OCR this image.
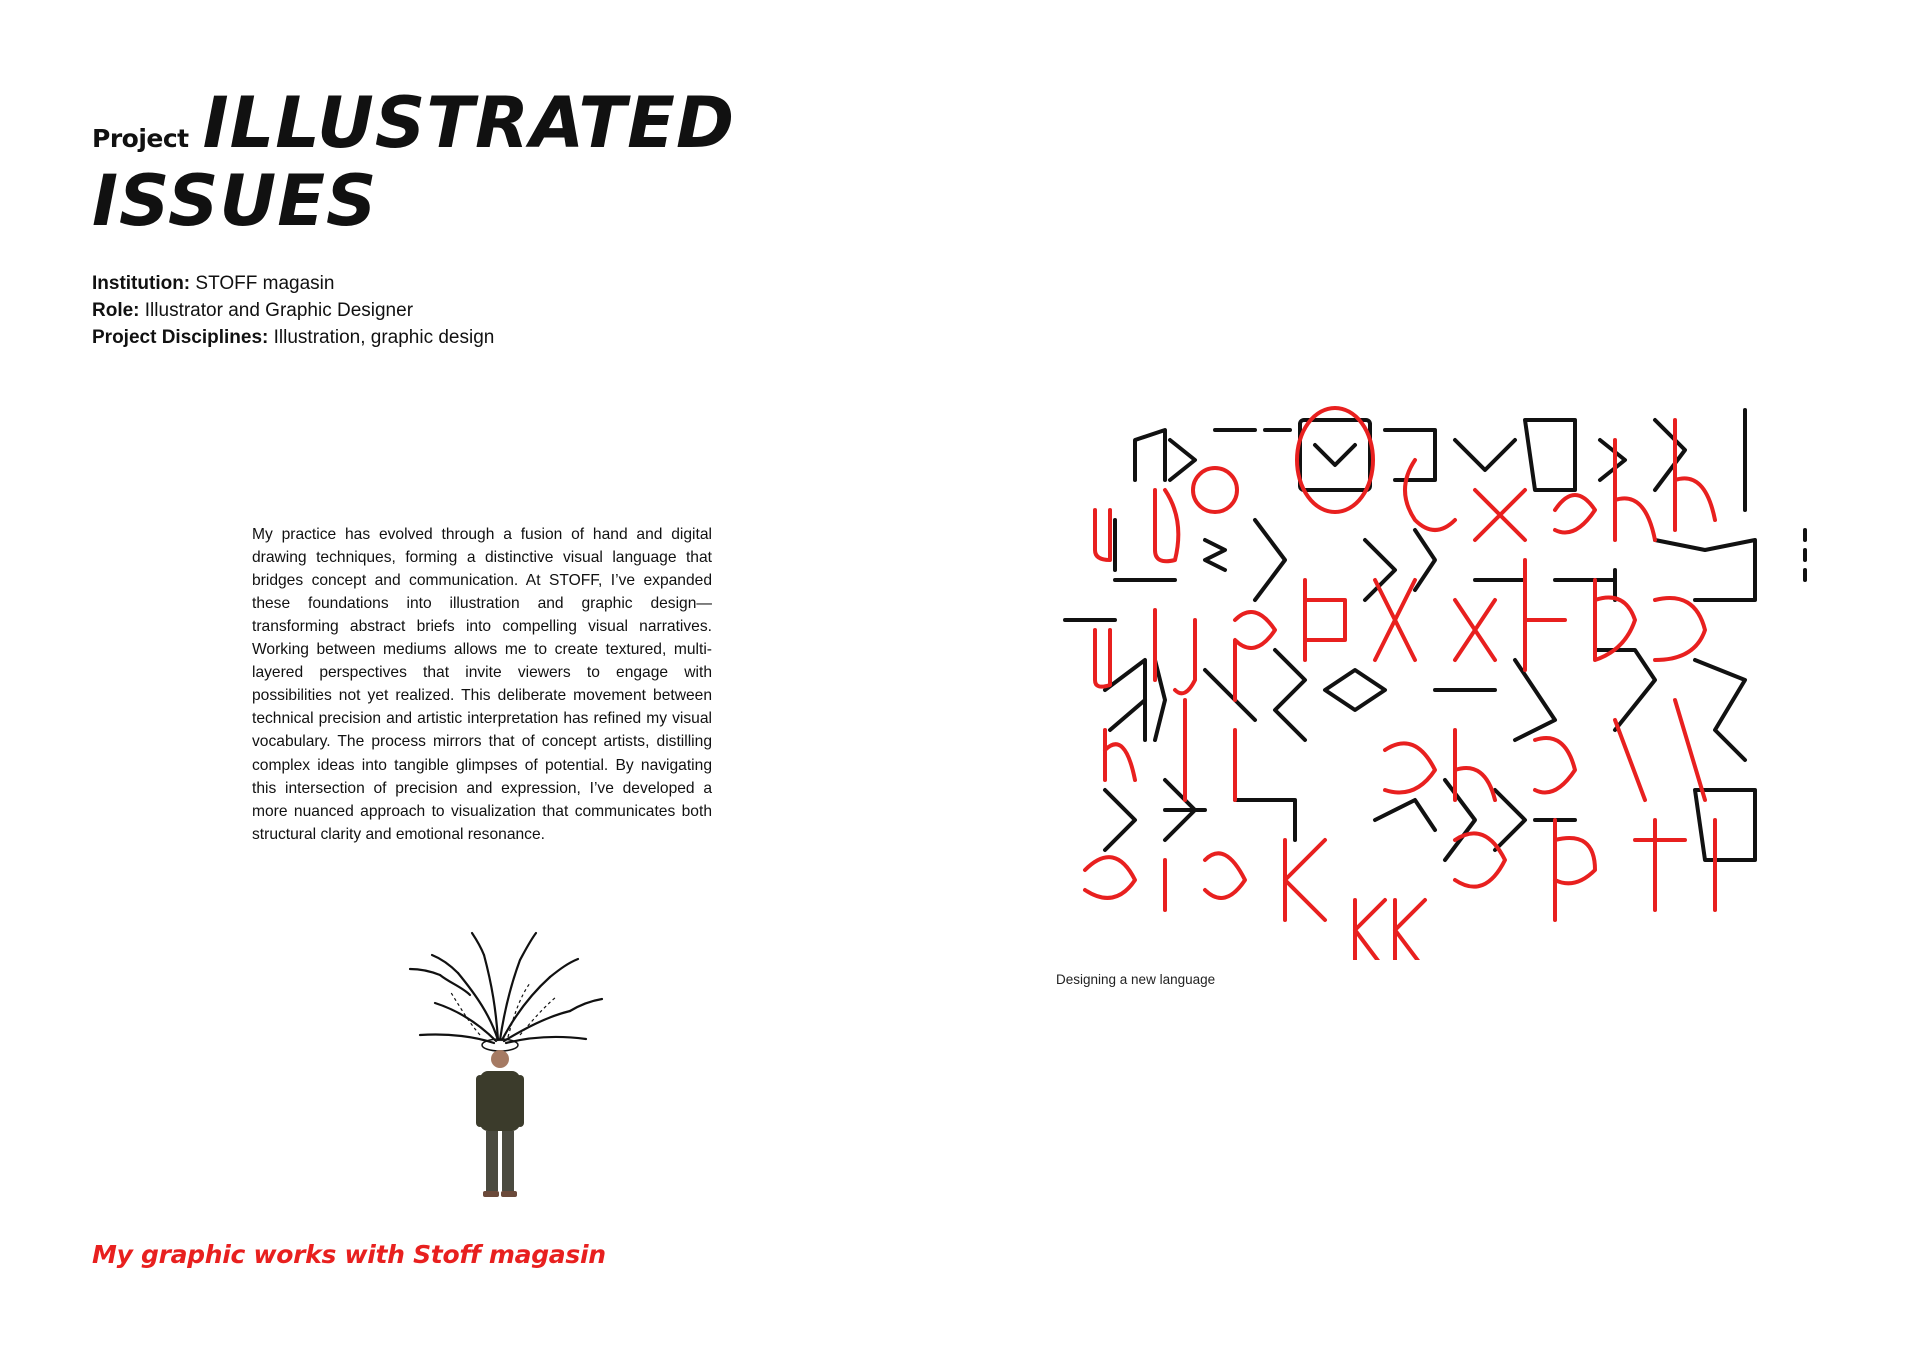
Project ILLUSTRATED
ISSUES
Institution: STOFF magasin
Role: Illustrator and Graphic Designer
Project Disciplines: Illustration, graphic design

My practice has evolved through a fusion of hand and digital drawing techniques, forming a distinctive visual language that bridges concept and communication. At STOFF, I’ve expanded these foundations into illustration and graphic design—transforming abstract briefs into compelling visual narratives. Working between mediums allows me to create textured, multi-layered perspectives that invite viewers to engage with possibilities not yet realized. This deliberate movement between technical precision and artistic interpretation has refined my visual vocabulary. The process mirrors that of concept artists, distilling complex ideas into tangible glimpses of potential. By navigating this intersection of precision and expression, I’ve developed a more nuanced approach to visualization that communicates both structural clarity and emotional resonance.

My graphic works with Stoff magasin
Designing a new language
